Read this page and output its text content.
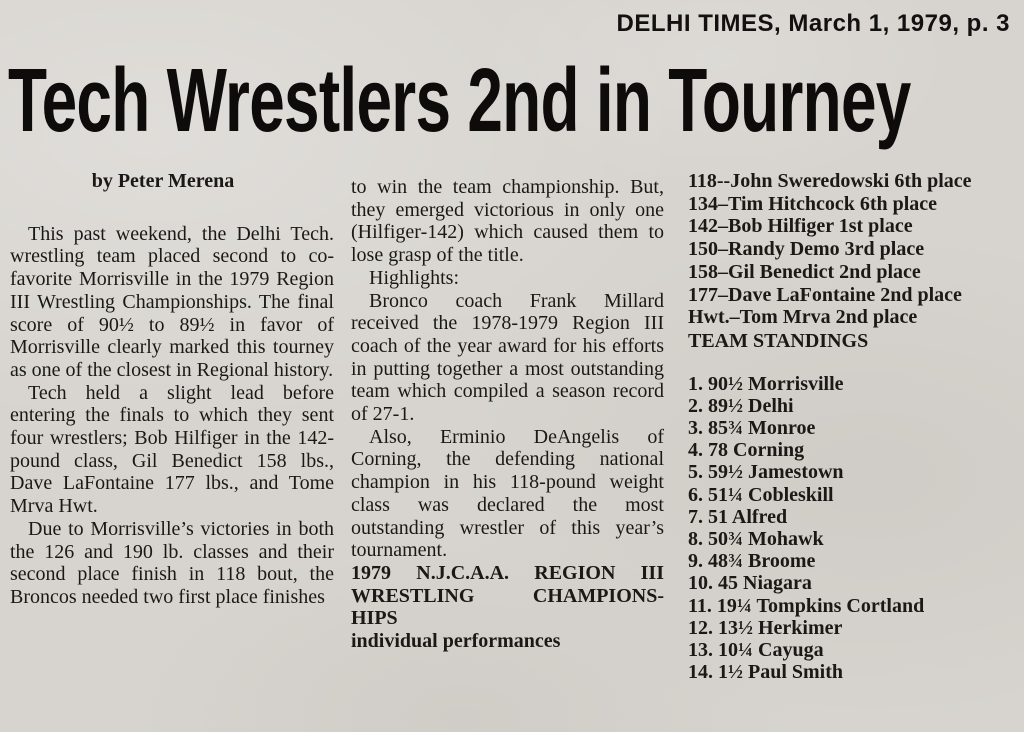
DELHI TIMES, March 1, 1979, p. 3
Tech Wrestlers 2nd in Tourney
by Peter Merena

This past weekend, the Delhi Tech. wrestling team placed second to co-favorite Morrisville in the 1979 Region III Wrestling Championships. The final score of 90½ to 89½ in favor of Morrisville clearly marked this tourney as one of the closest in Regional history.

Tech held a slight lead before entering the finals to which they sent four wrestlers; Bob Hilfiger in the 142-pound class, Gil Benedict 158 lbs., Dave LaFontaine 177 lbs., and Tome Mrva Hwt.

Due to Morrisville’s victories in both the 126 and 190 lb. classes and their second place finish in 118 bout, the Broncos needed two first place finishes

to win the team championship. But, they emerged victorious in only one (Hilfiger-142) which caused them to lose grasp of the title.

Highlights:

Bronco coach Frank Millard received the 1978-1979 Region III coach of the year award for his efforts in putting together a most outstanding team which compiled a season record of 27-1.

Also, Erminio DeAngelis of Corning, the defending national champion in his 118-pound weight class was declared the most outstanding wrestler of this year’s tournament.

1979 N.J.C.A.A. REGION III
WRESTLING CHAMPIONS-
HIPS
individual performances
118--John Sweredowski 6th place
134–Tim Hitchcock 6th place
142–Bob Hilfiger 1st place
150–Randy Demo 3rd place
158–Gil Benedict 2nd place
177–Dave LaFontaine 2nd place
Hwt.–Tom Mrva 2nd place
TEAM STANDINGS
1. 90½ Morrisville
2. 89½ Delhi
3. 85¾ Monroe
4. 78 Corning
5. 59½ Jamestown
6. 51¼ Cobleskill
7. 51 Alfred
8. 50¾ Mohawk
9. 48¾ Broome
10. 45 Niagara
11. 19¼ Tompkins Cortland
12. 13½ Herkimer
13. 10¼ Cayuga
14. 1½ Paul Smith
